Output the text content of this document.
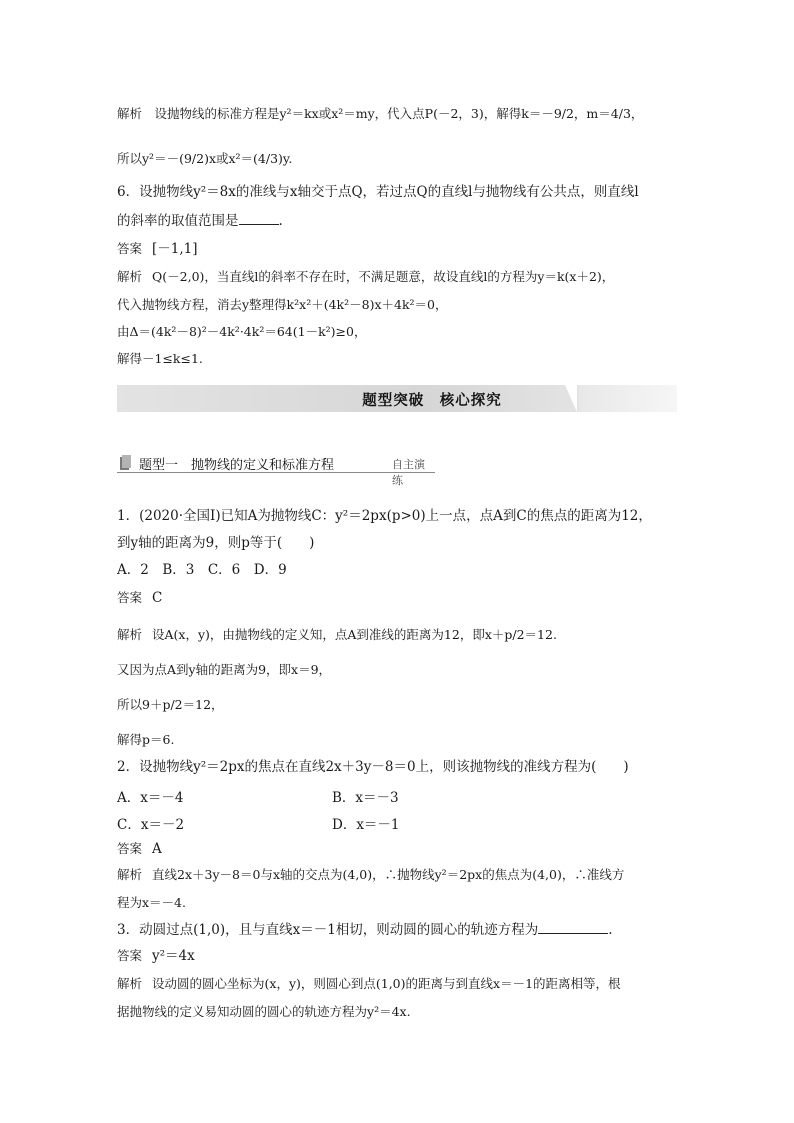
解析　设抛物线的标准方程是y²＝kx或x²＝my，代入点P(－2，3)，解得k＝－9/2，m＝4/3，
所以y²＝－(9/2)x或x²＝(4/3)y.
6．设抛物线y²＝8x的准线与x轴交于点Q，若过点Q的直线l与抛物线有公共点，则直线l
的斜率的取值范围是	.
答案 [－1,1]
解析 Q(－2,0)，当直线l的斜率不存在时，不满足题意，故设直线l的方程为y＝k(x＋2)，
代入抛物线方程，消去y整理得k²x²＋(4k²－8)x＋4k²＝0，
由Δ＝(4k²－8)²－4k²·4k²＝64(1－k²)≥0，
解得－1≤k≤1.
题型突破　核心探究
题型一　抛物线的定义和标准方程	自主演练
1．(2020·全国Ⅰ)已知A为抛物线C：y²＝2px(p>0)上一点，点A到C的焦点的距离为12，
到y轴的距离为9，则p等于(　　)
A．2　B．3　C．6　D．9
答案 C
解析 设A(x，y)，由抛物线的定义知，点A到准线的距离为12，即x＋p/2＝12.
又因为点A到y轴的距离为9，即x＝9，
所以9＋p/2＝12，
解得p＝6.
2．设抛物线y²＝2px的焦点在直线2x＋3y－8＝0上，则该抛物线的准线方程为(　　)
A．x＝－4	B．x＝－3
C．x＝－2	D．x＝－1
答案 A
解析 直线2x＋3y－8＝0与x轴的交点为(4,0)，∴抛物线y²＝2px的焦点为(4,0)，∴准线方
程为x＝－4.
3．动圆过点(1,0)，且与直线x＝－1相切，则动圆的圆心的轨迹方程为	.
答案 y²＝4x
解析 设动圆的圆心坐标为(x，y)，则圆心到点(1,0)的距离与到直线x＝－1的距离相等，根
据抛物线的定义易知动圆的圆心的轨迹方程为y²＝4x.
